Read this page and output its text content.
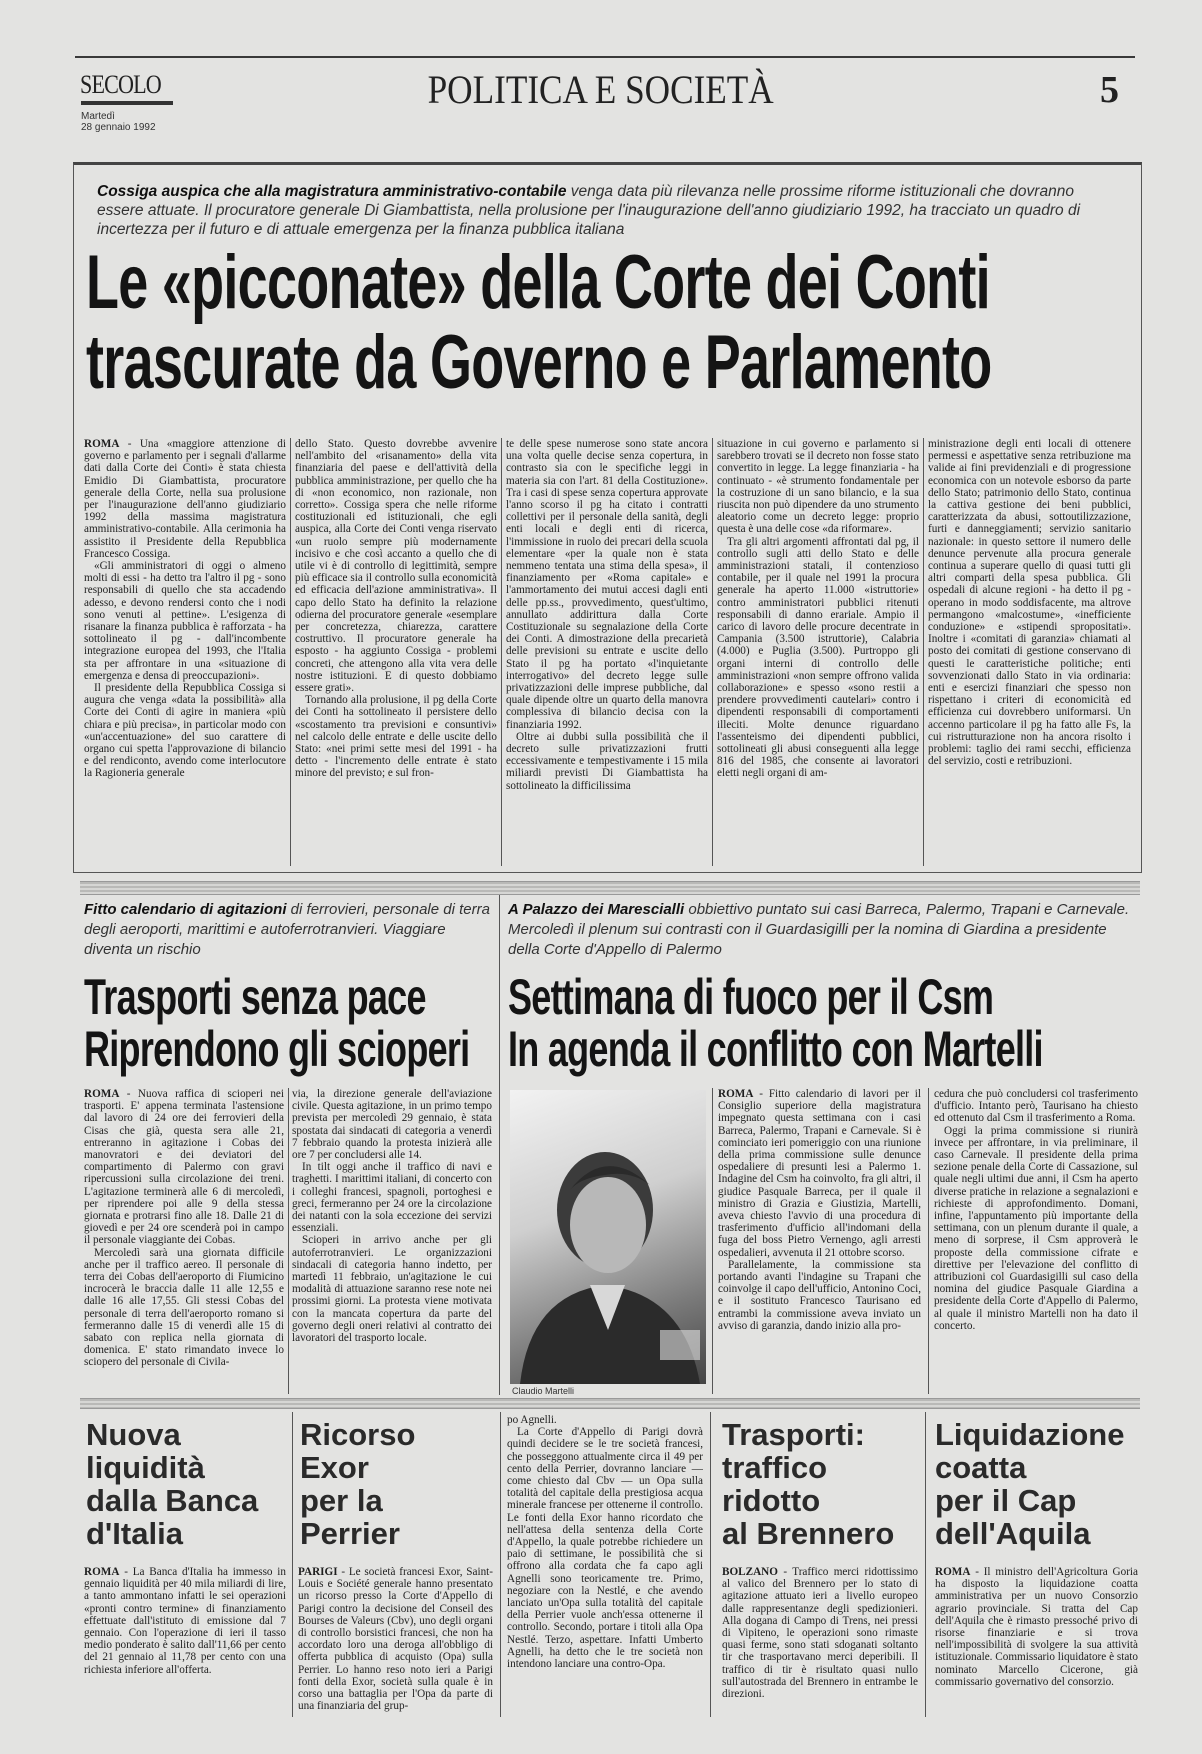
SECOLO
Martedì
28 gennaio 1992
POLITICA E SOCIETÀ	5
Cossiga auspica che alla magistratura amministrativo-contabile venga data più rilevanza nelle prossime riforme istituzionali che dovranno essere attuate. Il procuratore generale Di Giambattista, nella prolusione per l'inaugurazione dell'anno giudiziario 1992, ha tracciato un quadro di incertezza per il futuro e di attuale emergenza per la finanza pubblica italiana
Le «picconate» della Corte dei Conti
trascurate da Governo e Parlamento

ROMA - Una «maggiore attenzione di governo e parlamento per i segnali d'allarme dati dalla Corte dei Conti» è stata chiesta Emidio Di Giambattista, procuratore generale della Corte, nella sua prolusione per l'inaugurazione dell'anno giudiziario 1992 della massima magistratura amministrativo-contabile. Alla cerimonia ha assistito il Presidente della Repubblica Francesco Cossiga.

«Gli amministratori di oggi o almeno molti di essi - ha detto tra l'altro il pg - sono responsabili di quello che sta accadendo adesso, e devono rendersi conto che i nodi sono venuti al pettine». L'esigenza di risanare la finanza pubblica è rafforzata - ha sottolineato il pg - dall'incombente integrazione europea del 1993, che l'Italia sta per affrontare in una «situazione di emergenza e densa di preoccupazioni».

Il presidente della Repubblica Cossiga si augura che venga «data la possibilità» alla Corte dei Conti di agire in maniera «più chiara e più precisa», in particolar modo con «un'accentuazione» del suo carattere di organo cui spetta l'approvazione di bilancio e del rendiconto, avendo come interlocutore la Ragioneria generale

dello Stato. Questo dovrebbe avvenire nell'ambito del «risanamento» della vita finanziaria del paese e dell'attività della pubblica amministrazione, per quello che ha di «non economico, non razionale, non corretto». Cossiga spera che nelle riforme costituzionali ed istituzionali, che egli auspica, alla Corte dei Conti venga riservato «un ruolo sempre più modernamente incisivo e che così accanto a quello che di utile vi è di controllo di legittimità, sempre più efficace sia il controllo sulla economicità ed efficacia dell'azione amministrativa». Il capo dello Stato ha definito la relazione odierna del procuratore generale «esemplare per concretezza, chiarezza, carattere costruttivo. Il procuratore generale ha esposto - ha aggiunto Cossiga - problemi concreti, che attengono alla vita vera delle nostre istituzioni. E di questo dobbiamo essere grati».

Tornando alla prolusione, il pg della Corte dei Conti ha sottolineato il persistere dello «scostamento tra previsioni e consuntivi» nel calcolo delle entrate e delle uscite dello Stato: «nei primi sette mesi del 1991 - ha detto - l'incremento delle entrate è stato minore del previsto; e sul fron-

te delle spese numerose sono state ancora una volta quelle decise senza copertura, in contrasto sia con le specifiche leggi in materia sia con l'art. 81 della Costituzione». Tra i casi di spese senza copertura approvate l'anno scorso il pg ha citato i contratti collettivi per il personale della sanità, degli enti locali e degli enti di ricerca, l'immissione in ruolo dei precari della scuola elementare «per la quale non è stata nemmeno tentata una stima della spesa», il finanziamento per «Roma capitale» e l'ammortamento dei mutui accesi dagli enti delle pp.ss., provvedimento, quest'ultimo, annullato addirittura dalla Corte Costituzionale su segnalazione della Corte dei Conti. A dimostrazione della precarietà delle previsioni su entrate e uscite dello Stato il pg ha portato «l'inquietante interrogativo» del decreto legge sulle privatizzazioni delle imprese pubbliche, dal quale dipende oltre un quarto della manovra complessiva di bilancio decisa con la finanziaria 1992.

Oltre ai dubbi sulla possibilità che il decreto sulle privatizzazioni frutti eccessivamente e tempestivamente i 15 mila miliardi previsti Di Giambattista ha sottolineato la difficilissima

situazione in cui governo e parlamento si sarebbero trovati se il decreto non fosse stato convertito in legge. La legge finanziaria - ha continuato - «è strumento fondamentale per la costruzione di un sano bilancio, e la sua riuscita non può dipendere da uno strumento aleatorio come un decreto legge: proprio questa è una delle cose «da riformare».

Tra gli altri argomenti affrontati dal pg, il controllo sugli atti dello Stato e delle amministrazioni statali, il contenzioso contabile, per il quale nel 1991 la procura generale ha aperto 11.000 «istruttorie» contro amministratori pubblici ritenuti responsabili di danno erariale. Ampio il carico di lavoro delle procure decentrate in Campania (3.500 istruttorie), Calabria (4.000) e Puglia (3.500). Purtroppo gli organi interni di controllo delle amministrazioni «non sempre offrono valida collaborazione» e spesso «sono restii a prendere provvedimenti cautelari» contro i dipendenti responsabili di comportamenti illeciti. Molte denunce riguardano l'assenteismo dei dipendenti pubblici, sottolineati gli abusi conseguenti alla legge 816 del 1985, che consente ai lavoratori eletti negli organi di am-

ministrazione degli enti locali di ottenere permessi e aspettative senza retribuzione ma valide ai fini previdenziali e di progressione economica con un notevole esborso da parte dello Stato; patrimonio dello Stato, continua la cattiva gestione dei beni pubblici, caratterizzata da abusi, sottoutilizzazione, furti e danneggiamenti; servizio sanitario nazionale: in questo settore il numero delle denunce pervenute alla procura generale continua a superare quello di quasi tutti gli altri comparti della spesa pubblica. Gli ospedali di alcune regioni - ha detto il pg - operano in modo soddisfacente, ma altrove permangono «malcostume», «inefficiente conduzione» e «stipendi spropositati». Inoltre i «comitati di garanzia» chiamati al posto dei comitati di gestione conservano di questi le caratteristiche politiche; enti sovvenzionati dallo Stato in via ordinaria: enti e esercizi finanziari che spesso non rispettano i criteri di economicità ed efficienza cui dovrebbero uniformarsi. Un accenno particolare il pg ha fatto alle Fs, la cui ristrutturazione non ha ancora risolto i problemi: taglio dei rami secchi, efficienza del servizio, costi e retribuzioni.

Fitto calendario di agitazioni di ferrovieri, personale di terra degli aeroporti, marittimi e autoferrotranvieri. Viaggiare diventa un rischio
Trasporti senza pace
Riprendono gli scioperi

ROMA - Nuova raffica di scioperi nei trasporti. E' appena terminata l'astensione dal lavoro di 24 ore dei ferrovieri della Cisas che già, questa sera alle 21, entreranno in agitazione i Cobas dei manovratori e dei deviatori del compartimento di Palermo con gravi ripercussioni sulla circolazione dei treni. L'agitazione terminerà alle 6 di mercoledì, per riprendere poi alle 9 della stessa giornata e protrarsi fino alle 18. Dalle 21 di giovedì e per 24 ore scenderà poi in campo il personale viaggiante dei Cobas.

Mercoledì sarà una giornata difficile anche per il traffico aereo. Il personale di terra dei Cobas dell'aeroporto di Fiumicino incrocerà le braccia dalle 11 alle 12,55 e dalle 16 alle 17,55. Gli stessi Cobas del personale di terra dell'aeroporto romano si fermeranno dalle 15 di venerdì alle 15 di sabato con replica nella giornata di domenica. E' stato rimandato invece lo sciopero del personale di Civila-

via, la direzione generale dell'aviazione civile. Questa agitazione, in un primo tempo prevista per mercoledì 29 gennaio, è stata spostata dai sindacati di categoria a venerdì 7 febbraio quando la protesta inizierà alle ore 7 per concludersi alle 14.

In tilt oggi anche il traffico di navi e traghetti. I marittimi italiani, di concerto con i colleghi francesi, spagnoli, portoghesi e greci, fermeranno per 24 ore la circolazione dei natanti con la sola eccezione dei servizi essenziali.

Scioperi in arrivo anche per gli autoferrotranvieri. Le organizzazioni sindacali di categoria hanno indetto, per martedì 11 febbraio, un'agitazione le cui modalità di attuazione saranno rese note nei prossimi giorni. La protesta viene motivata con la mancata copertura da parte del governo degli oneri relativi al contratto dei lavoratori del trasporto locale.

A Palazzo dei Marescialli obbiettivo puntato sui casi Barreca, Palermo, Trapani e Carnevale. Mercoledì il plenum sui contrasti con il Guardasigilli per la nomina di Giardina a presidente della Corte d'Appello di Palermo
Settimana di fuoco per il Csm
In agenda il conflitto con Martelli
Claudio Martelli

ROMA - Fitto calendario di lavori per il Consiglio superiore della magistratura impegnato questa settimana con i casi Barreca, Palermo, Trapani e Carnevale. Si è cominciato ieri pomeriggio con una riunione della prima commissione sulle denunce ospedaliere di presunti lesi a Palermo 1. Indagine del Csm ha coinvolto, fra gli altri, il giudice Pasquale Barreca, per il quale il ministro di Grazia e Giustizia, Martelli, aveva chiesto l'avvio di una procedura di trasferimento d'ufficio all'indomani della fuga del boss Pietro Vernengo, agli arresti ospedalieri, avvenuta il 21 ottobre scorso.

Parallelamente, la commissione sta portando avanti l'indagine su Trapani che coinvolge il capo dell'ufficio, Antonino Coci, e il sostituto Francesco Taurisano ed entrambi la commissione aveva inviato un avviso di garanzia, dando inizio alla pro-

cedura che può concludersi col trasferimento d'ufficio. Intanto però, Taurisano ha chiesto ed ottenuto dal Csm il trasferimento a Roma.

Oggi la prima commissione si riunirà invece per affrontare, in via preliminare, il caso Carnevale. Il presidente della prima sezione penale della Corte di Cassazione, sul quale negli ultimi due anni, il Csm ha aperto diverse pratiche in relazione a segnalazioni e richieste di approfondimento. Domani, infine, l'appuntamento più importante della settimana, con un plenum durante il quale, a meno di sorprese, il Csm approverà le proposte della commissione cifrate e direttive per l'elevazione del conflitto di attribuzioni col Guardasigilli sul caso della nomina del giudice Pasquale Giardina a presidente della Corte d'Appello di Palermo, al quale il ministro Martelli non ha dato il concerto.

Nuova
liquidità
dalla Banca
d'Italia

ROMA - La Banca d'Italia ha immesso in gennaio liquidità per 40 mila miliardi di lire, a tanto ammontano infatti le sei operazioni «pronti contro termine» di finanziamento effettuate dall'istituto di emissione dal 7 gennaio. Con l'operazione di ieri il tasso medio ponderato è salito dall'11,66 per cento del 21 gennaio al 11,78 per cento con una richiesta inferiore all'offerta.

Ricorso
Exor
per la
Perrier

PARIGI - Le società francesi Exor, Saint-Louis e Société generale hanno presentato un ricorso presso la Corte d'Appello di Parigi contro la decisione del Conseil des Bourses de Valeurs (Cbv), uno degli organi di controllo borsistici francesi, che non ha accordato loro una deroga all'obbligo di offerta pubblica di acquisto (Opa) sulla Perrier. Lo hanno reso noto ieri a Parigi fonti della Exor, società sulla quale è in corso una battaglia per l'Opa da parte di una finanziaria del grup-

po Agnelli.

La Corte d'Appello di Parigi dovrà quindi decidere se le tre società francesi, che posseggono attualmente circa il 49 per cento della Perrier, dovranno lanciare — come chiesto dal Cbv — un Opa sulla totalità del capitale della prestigiosa acqua minerale francese per ottenerne il controllo. Le fonti della Exor hanno ricordato che nell'attesa della sentenza della Corte d'Appello, la quale potrebbe richiedere un paio di settimane, le possibilità che si offrono alla cordata che fa capo agli Agnelli sono teoricamente tre. Primo, negoziare con la Nestlé, e che avendo lanciato un'Opa sulla totalità del capitale della Perrier vuole anch'essa ottenerne il controllo. Secondo, portare i titoli alla Opa Nestlé. Terzo, aspettare. Infatti Umberto Agnelli, ha detto che le tre società non intendono lanciare una contro-Opa.

Trasporti:
traffico
ridotto
al Brennero

BOLZANO - Traffico merci ridottissimo al valico del Brennero per lo stato di agitazione attuato ieri a livello europeo dalle rappresentanze degli spedizionieri. Alla dogana di Campo di Trens, nei pressi di Vipiteno, le operazioni sono rimaste quasi ferme, sono stati sdoganati soltanto tir che trasportavano merci deperibili. Il traffico di tir è risultato quasi nullo sull'autostrada del Brennero in entrambe le direzioni.

Liquidazione
coatta
per il Cap
dell'Aquila

ROMA - Il ministro dell'Agricoltura Goria ha disposto la liquidazione coatta amministrativa per un nuovo Consorzio agrario provinciale. Si tratta del Cap dell'Aquila che è rimasto pressoché privo di risorse finanziarie e si trova nell'impossibilità di svolgere la sua attività istituzionale. Commissario liquidatore è stato nominato Marcello Cicerone, già commissario governativo del consorzio.
